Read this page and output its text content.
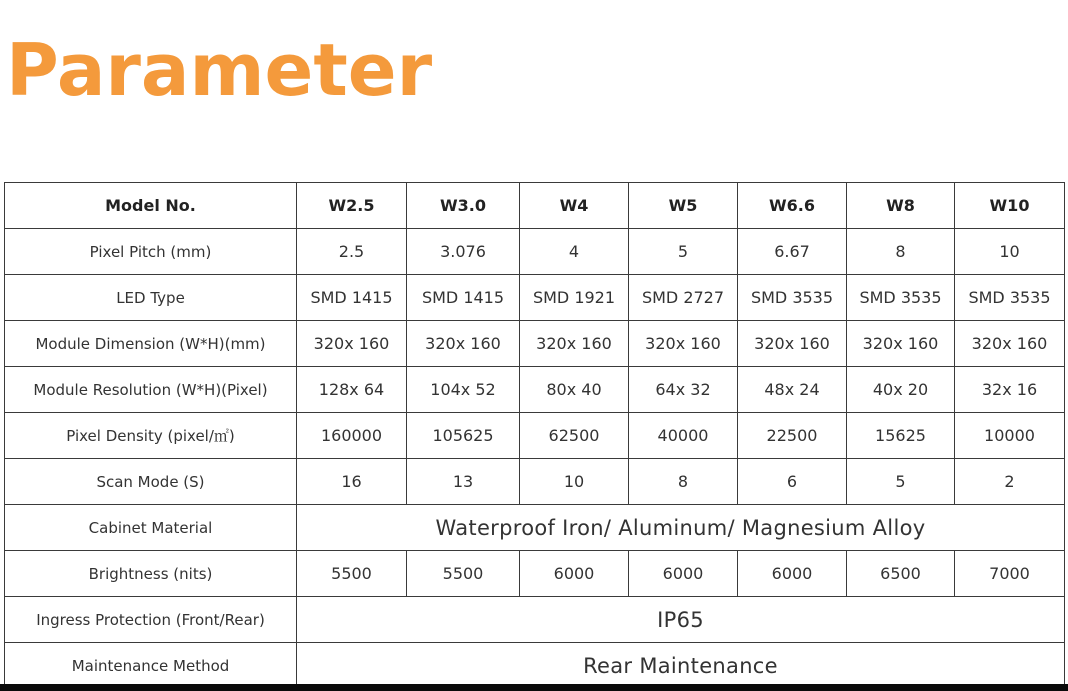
Parameter
Model No.	W2.5	W3.0	W4	W5	W6.6	W8	W10
Pixel Pitch (mm)	2.5	3.076	4	5	6.67	8	10
LED Type	SMD 1415	SMD 1415	SMD 1921	SMD 2727	SMD 3535	SMD 3535	SMD 3535
Module Dimension (W*H)(mm)	320x 160	320x 160	320x 160	320x 160	320x 160	320x 160	320x 160
Module Resolution (W*H)(Pixel)	128x 64	104x 52	80x 40	64x 32	48x 24	40x 20	32x 16
Pixel Density (pixel/㎡)	160000	105625	62500	40000	22500	15625	10000
Scan Mode (S)	16	13	10	8	6	5	2
Cabinet Material	Waterproof Iron/ Aluminum/ Magnesium Alloy						
Brightness (nits)	5500	5500	6000	6000	6000	6500	7000
Ingress Protection (Front/Rear)	IP65						
Maintenance Method	Rear Maintenance						
